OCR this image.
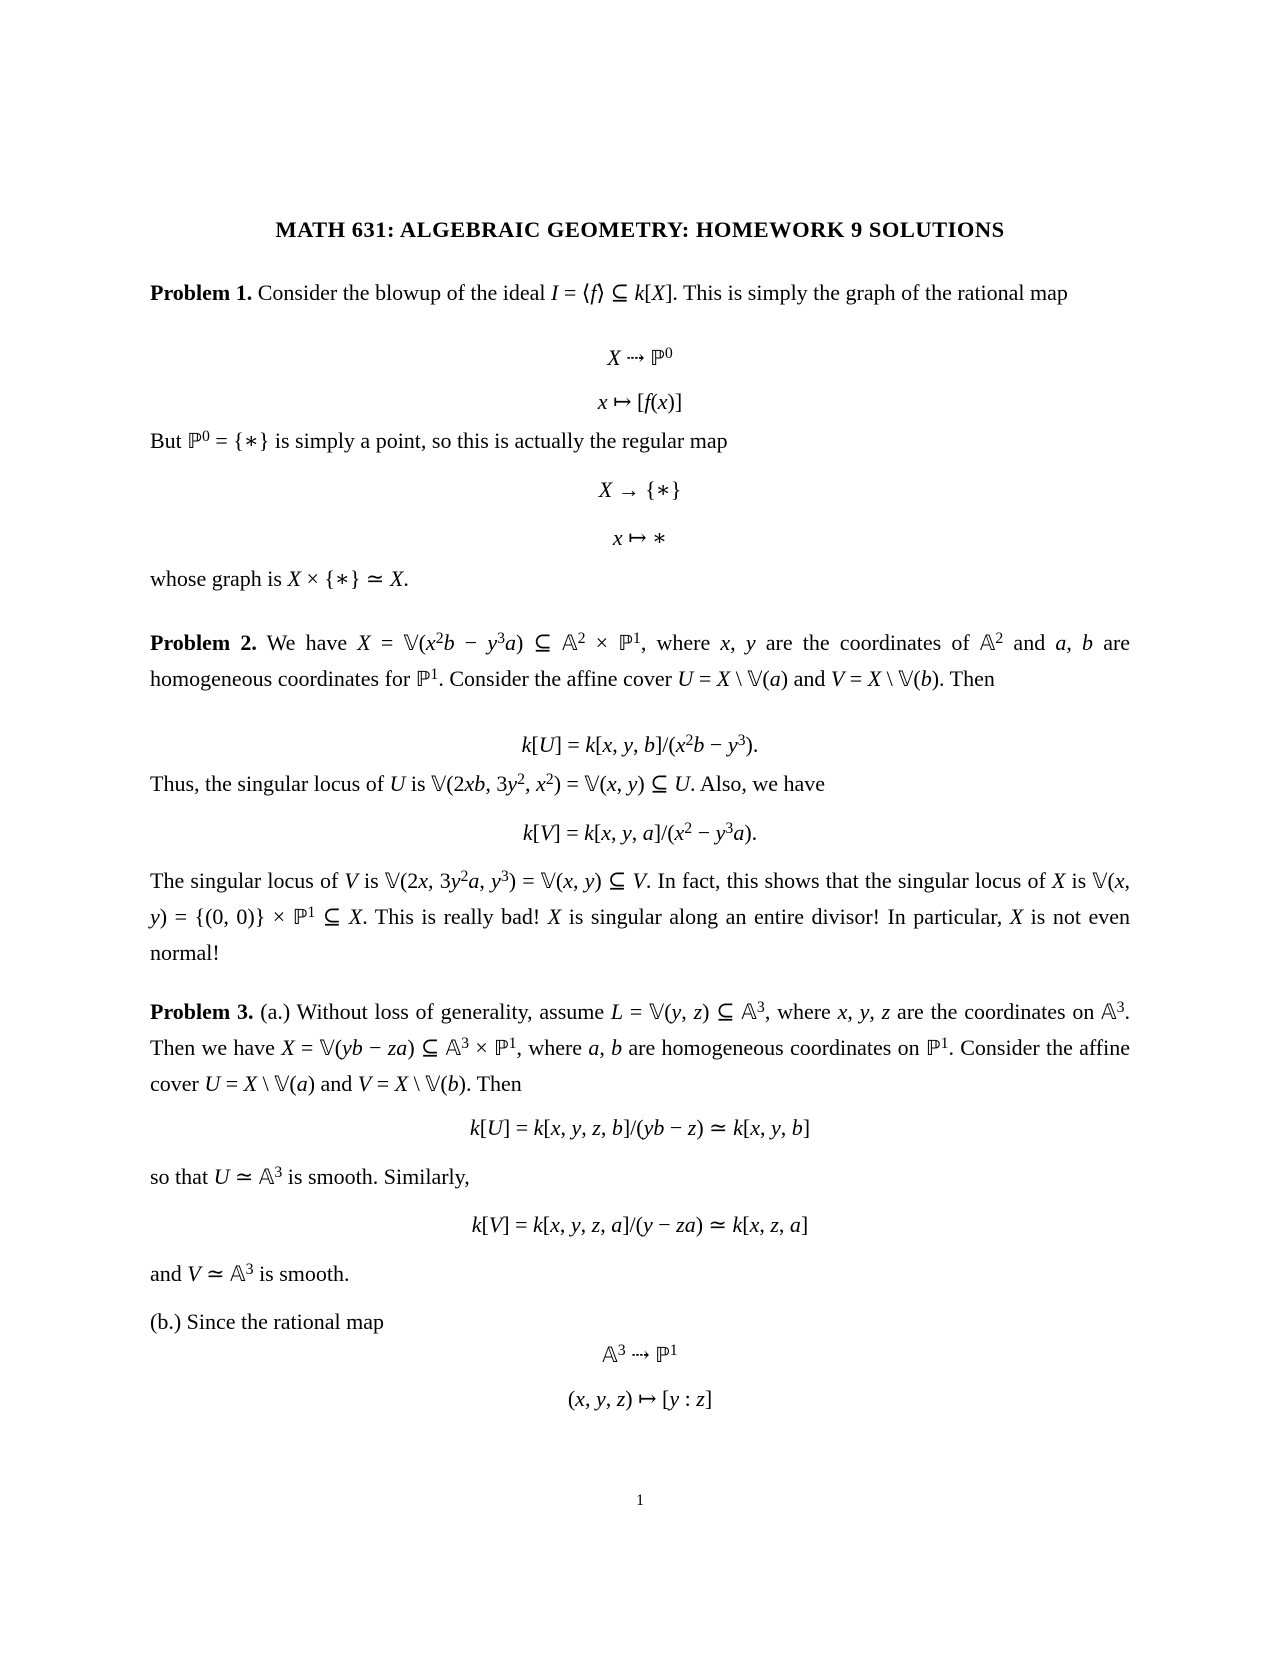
MATH 631: ALGEBRAIC GEOMETRY: HOMEWORK 9 SOLUTIONS
Problem 1. Consider the blowup of the ideal I = ⟨f⟩ ⊆ k[X]. This is simply the graph of the rational map
X ⇢ ℙ$^0$
x ↦ [f(x)]
But ℙ$^0$ = {∗} is simply a point, so this is actually the regular map
X → {∗}
x ↦ ∗
whose graph is X × {∗} ≃ X.
Problem 2. We have $X = 𝕍(x^2b - y^3a)$ ⊆ 𝔸$^2$ × ℙ$^1$, where x, y are the coordinates of 𝔸$^2$ and a, b are homogeneous coordinates for ℙ$^1$. Consider the affine cover U = X \ 𝕍(a) and V = X \ 𝕍(b). Then
k[U] = k[x, y, $b]/(x^2b - y^3)$.
Thus, the singular locus of U is 𝕍(2xb, $3y^2$, $x^2$) = 𝕍(x, y) ⊆ U. Also, we have
k[V] = k[x, y, $a]/(x^2 - y^3a)$.
The singular locus of V is 𝕍(2x, $3y^2a$, $y^3$) = 𝕍(x, y) ⊆ V. In fact, this shows that the singular locus of X is 𝕍(x, y) = {(0, 0)} × ℙ$^1$ ⊆ X. This is really bad! X is singular along an entire divisor! In particular, X is not even normal!
Problem 3. (a.) Without loss of generality, assume L = 𝕍(y, z) ⊆ 𝔸$^3$, where x, y, z are the coordinates on 𝔸$^3$. Then we have X = 𝕍(yb − za) ⊆ 𝔸$^3$ × ℙ$^1$, where a, b are homogeneous coordinates on ℙ$^1$. Consider the affine cover U = X \ 𝕍(a) and V = X \ 𝕍(b). Then
k[U] = k[x, y, z, b]/(yb − z) ≃ k[x, y, b]
so that U ≃ 𝔸$^3$ is smooth. Similarly,
k[V] = k[x, y, z, a]/(y − za) ≃ k[x, z, a]
and V ≃ 𝔸$^3$ is smooth.
(b.) Since the rational map
𝔸$^3$ ⇢ ℙ$^1$
(x, y, z) ↦ [y : z]
1
